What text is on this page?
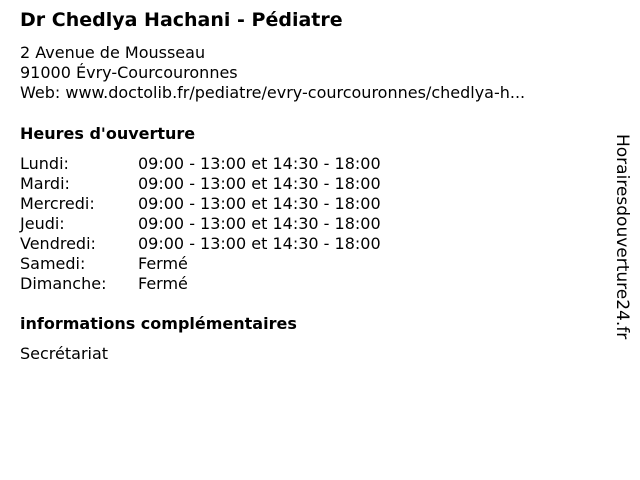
Dr Chedlya Hachani - Pédiatre
2 Avenue de Mousseau
91000 Évry-Courcouronnes
Web: www.doctolib.fr/pediatre/evry-courcouronnes/chedlya-h...
Heures d'ouverture
Lundi:	09:00 - 13:00 et 14:30 - 18:00
Mardi:	09:00 - 13:00 et 14:30 - 18:00
Mercredi:	09:00 - 13:00 et 14:30 - 18:00
Jeudi:	09:00 - 13:00 et 14:30 - 18:00
Vendredi:	09:00 - 13:00 et 14:30 - 18:00
Samedi:	Fermé
Dimanche:	Fermé
informations complémentaires
Secrétariat
Horairesdouverture24.fr
